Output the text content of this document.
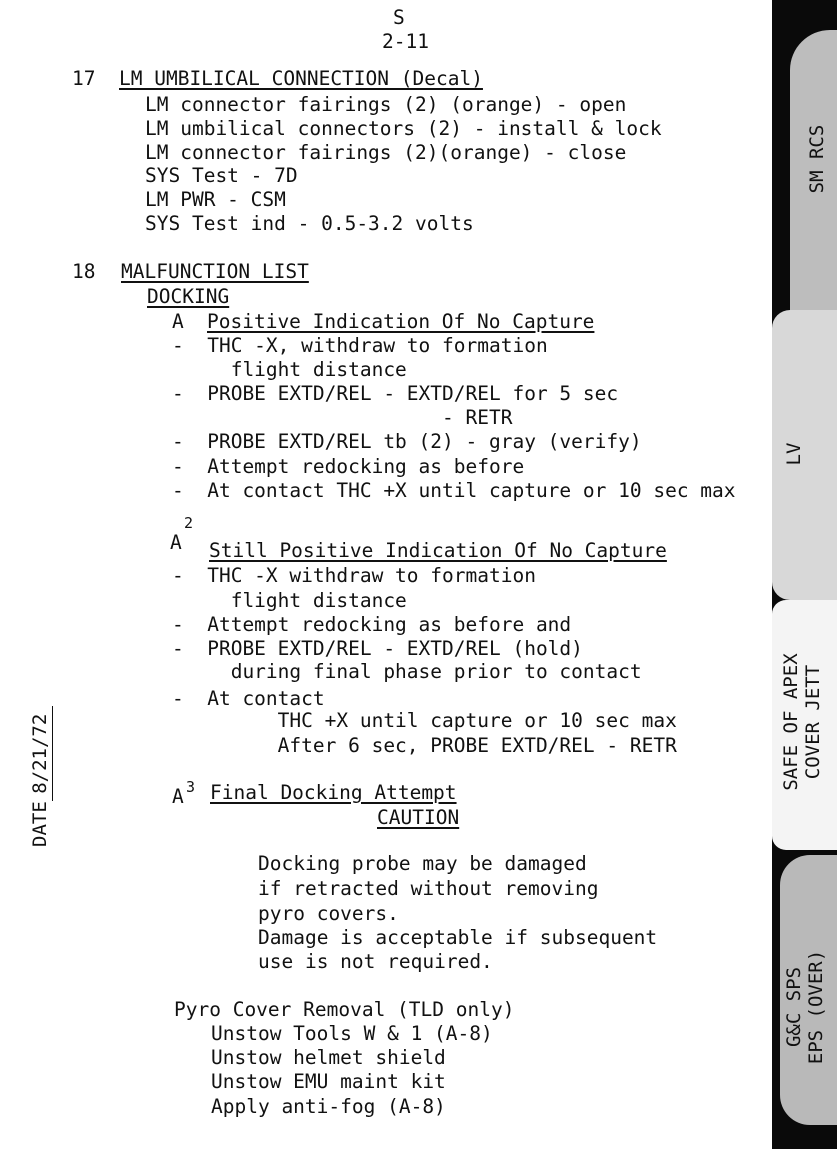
S
2-11
17 LM UMBILICAL CONNECTION (Decal)
LM connector fairings (2) (orange) - open
LM umbilical connectors (2) - install & lock
LM connector fairings (2)(orange) - close
SYS Test - 7D
LM PWR - CSM
SYS Test ind - 0.5-3.2 volts
18 MALFUNCTION LIST
DOCKING
A Positive Indication Of No Capture
-  THC -X, withdraw to formation
flight distance
-  PROBE EXTD/REL - EXTD/REL for 5 sec
- RETR
-  PROBE EXTD/REL tb (2) - gray (verify)
-  Attempt redocking as before
-  At contact THC +X until capture or 10 sec max
A
2
Still Positive Indication Of No Capture
-  THC -X withdraw to formation
flight distance
-  Attempt redocking as before and
-  PROBE EXTD/REL - EXTD/REL (hold)
during final phase prior to contact
-  At contact
THC +X until capture or 10 sec max
After 6 sec, PROBE EXTD/REL - RETR
A 3 Final Docking Attempt
CAUTION
Docking probe may be damaged
if retracted without removing
pyro covers.
Damage is acceptable if subsequent
use is not required.
Pyro Cover Removal (TLD only)
Unstow Tools W & 1 (A-8)
Unstow helmet shield
Unstow EMU maint kit
Apply anti-fog (A-8)
DATE8/21/72
SM RCS
LV
SAFE OF APEX
COVER JETT
G&C SPS
EPS (OVER)
